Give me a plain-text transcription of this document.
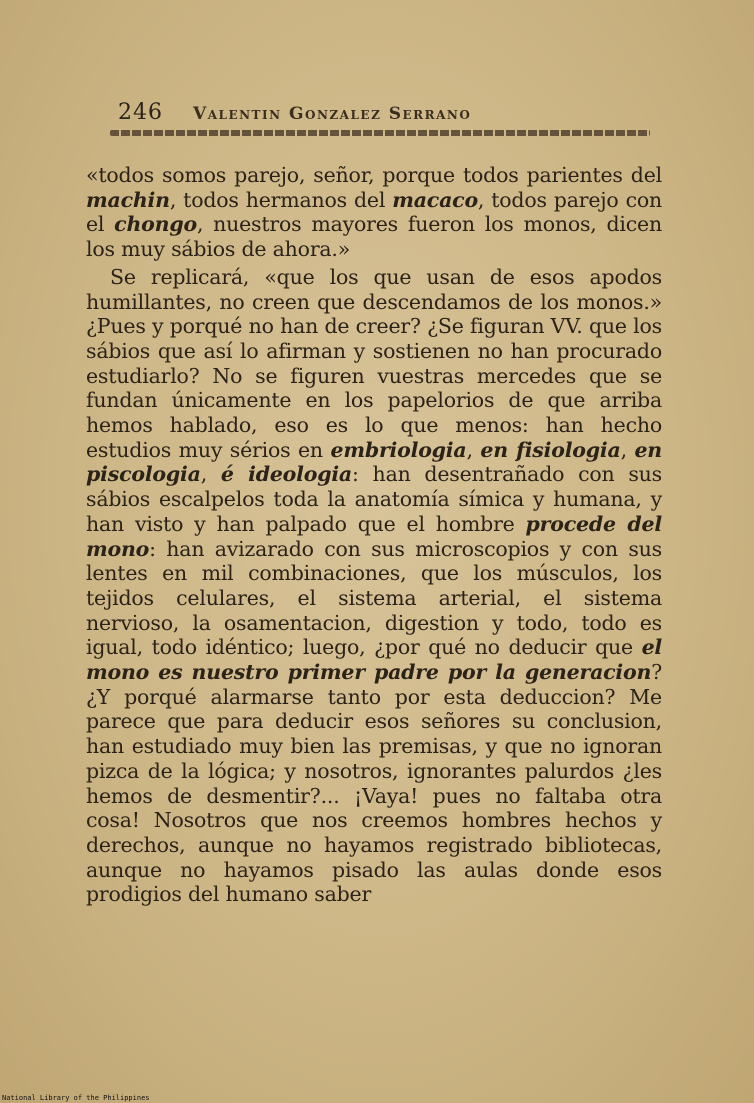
246 Valentin Gonzalez Serrano

«todos somos parejo, señor, porque todos parientes del machin, todos hermanos del macaco, todos parejo con el chongo, nuestros mayores fueron los monos, dicen los muy sábios de ahora.»

Se replicará, «que los que usan de esos apodos humillantes, no creen que descendamos de los monos.» ¿Pues y porqué no han de creer? ¿Se figuran VV. que los sábios que así lo afirman y sostienen no han procurado estudiarlo? No se figuren vuestras mercedes que se fundan únicamente en los papelorios de que arriba hemos hablado, eso es lo que menos: han hecho estudios muy sérios en embriologia, en fisiologia, en piscologia, é ideologia: han desentrañado con sus sábios escalpelos toda la anatomía símica y humana, y han visto y han palpado que el hombre procede del mono: han avizarado con sus microscopios y con sus lentes en mil combinaciones, que los músculos, los tejidos celulares, el sistema arterial, el sistema nervioso, la osamentacion, digestion y todo, todo es igual, todo idéntico; luego, ¿por qué no deducir que el mono es nuestro primer padre por la generacion? ¿Y porqué alarmarse tanto por esta deduccion? Me parece que para deducir esos señores su conclusion, han estudiado muy bien las premisas, y que no ignoran pizca de la lógica; y nosotros, ignorantes palurdos ¿les hemos de desmentir?... ¡Vaya! pues no faltaba otra cosa! Nosotros que nos creemos hombres hechos y derechos, aunque no hayamos registrado bibliotecas, aunque no hayamos pisado las aulas donde esos prodigios del humano saber

National Library of the Philippines
